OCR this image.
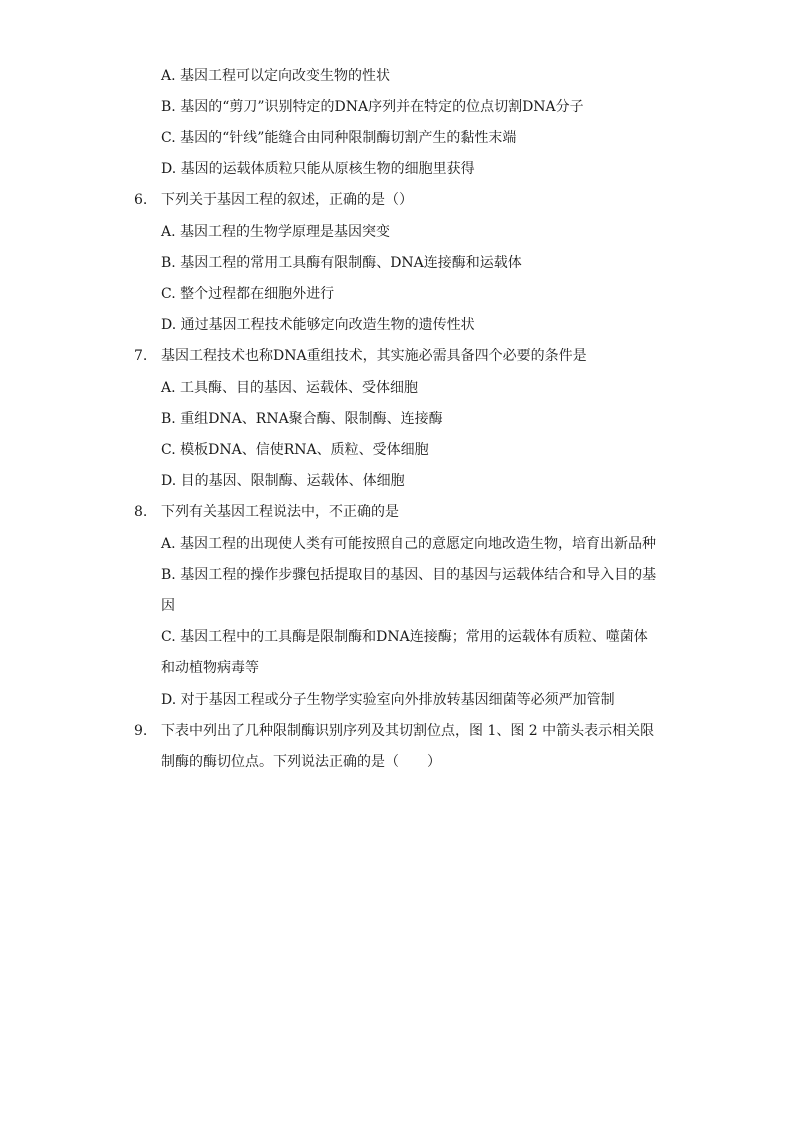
A. 基因工程可以定向改变生物的性状
B. 基因的“剪刀”识别特定的DNA序列并在特定的位点切割DNA分子
C. 基因的“针线”能缝合由同种限制酶切割产生的黏性末端
D. 基因的运载体质粒只能从原核生物的细胞里获得
6. 下列关于基因工程的叙述，正确的是（）
A. 基因工程的生物学原理是基因突变
B. 基因工程的常用工具酶有限制酶、DNA连接酶和运载体
C. 整个过程都在细胞外进行
D. 通过基因工程技术能够定向改造生物的遗传性状
7. 基因工程技术也称DNA重组技术，其实施必需具备四个必要的条件是
A. 工具酶、目的基因、运载体、受体细胞
B. 重组DNA、RNA聚合酶、限制酶、连接酶
C. 模板DNA、信使RNA、质粒、受体细胞
D. 目的基因、限制酶、运载体、体细胞
8. 下列有关基因工程说法中，不正确的是
A. 基因工程的出现使人类有可能按照自己的意愿定向地改造生物，培育出新品种
B. 基因工程的操作步骤包括提取目的基因、目的基因与运载体结合和导入目的基
因
C. 基因工程中的工具酶是限制酶和DNA连接酶；常用的运载体有质粒、噬菌体
和动植物病毒等
D. 对于基因工程或分子生物学实验室向外排放转基因细菌等必须严加管制
9. 下表中列出了几种限制酶识别序列及其切割位点，图 1、图 2 中箭头表示相关限
制酶的酶切位点。下列说法正确的是（　　）
